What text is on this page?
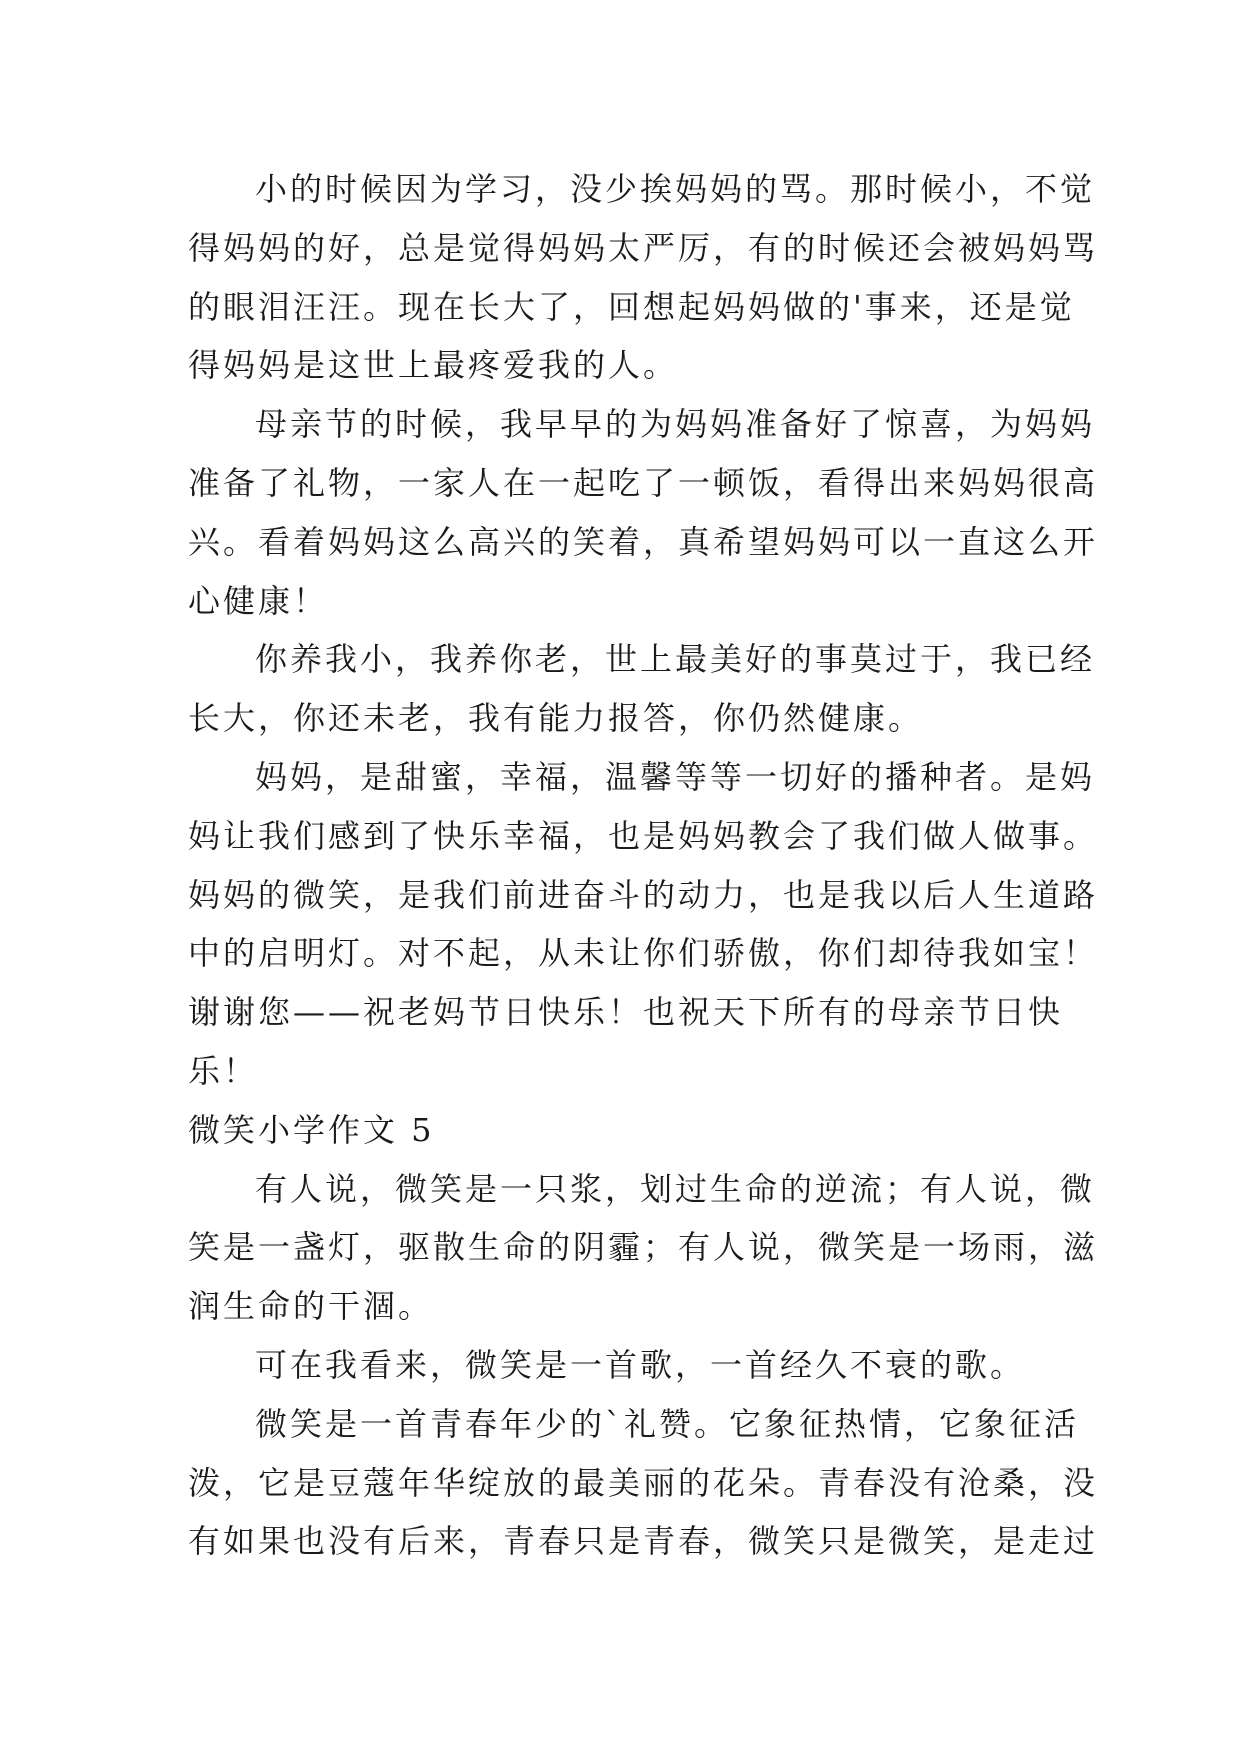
小的时候因为学习，没少挨妈妈的骂。那时候小，不觉
得妈妈的好，总是觉得妈妈太严厉，有的时候还会被妈妈骂
的眼泪汪汪。现在长大了，回想起妈妈做的'事来，还是觉
得妈妈是这世上最疼爱我的人。
母亲节的时候，我早早的为妈妈准备好了惊喜，为妈妈
准备了礼物，一家人在一起吃了一顿饭，看得出来妈妈很高
兴。看着妈妈这么高兴的笑着，真希望妈妈可以一直这么开
心健康！
你养我小，我养你老，世上最美好的事莫过于，我已经
长大，你还未老，我有能力报答，你仍然健康。
妈妈，是甜蜜，幸福，温馨等等一切好的播种者。是妈
妈让我们感到了快乐幸福，也是妈妈教会了我们做人做事。
妈妈的微笑，是我们前进奋斗的动力，也是我以后人生道路
中的启明灯。对不起，从未让你们骄傲，你们却待我如宝！
谢谢您——祝老妈节日快乐！也祝天下所有的母亲节日快
乐！
微笑小学作文 5
有人说，微笑是一只浆，划过生命的逆流；有人说，微
笑是一盏灯，驱散生命的阴霾；有人说，微笑是一场雨，滋
润生命的干涸。
可在我看来，微笑是一首歌，一首经久不衰的歌。
微笑是一首青春年少的`礼赞。它象征热情，它象征活
泼，它是豆蔻年华绽放的最美丽的花朵。青春没有沧桑，没
有如果也没有后来，青春只是青春，微笑只是微笑，是走过
